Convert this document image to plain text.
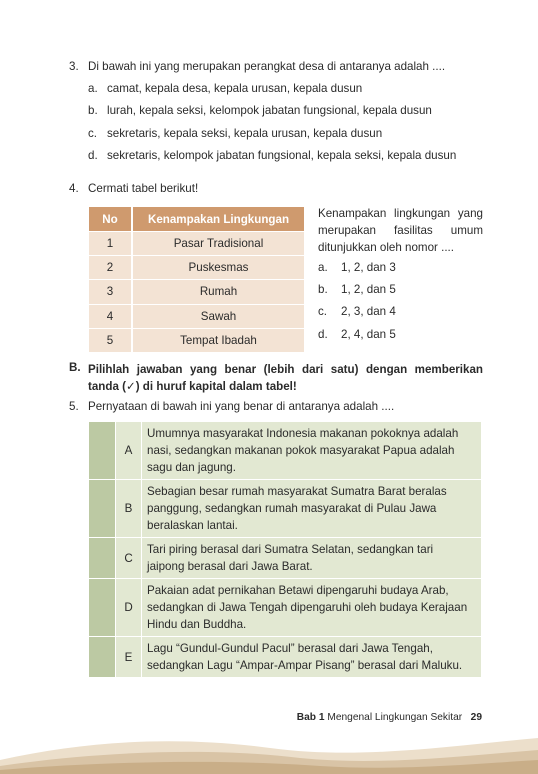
3. Di bawah ini yang merupakan perangkat desa di antaranya adalah ....
a. camat, kepala desa, kepala urusan, kepala dusun
b. lurah, kepala seksi, kelompok jabatan fungsional, kepala dusun
c. sekretaris, kepala seksi, kepala urusan, kepala dusun
d. sekretaris, kelompok jabatan fungsional, kepala seksi, kepala dusun
4. Cermati tabel berikut!
No	Kenampakan Lingkungan
1	Pasar Tradisional
2	Puskesmas
3	Rumah
4	Sawah
5	Tempat Ibadah
Kenampakan lingkungan yang
merupakan fasilitas umum
ditunjukkan oleh nomor ....
a. 1, 2, dan 3
b. 1, 2, dan 5
c. 2, 3, dan 4
d. 2, 4, dan 5
B. Pilihlah jawaban yang benar (lebih dari satu) dengan memberikan
tanda (✓) di huruf kapital dalam tabel!
5. Pernyataan di bawah ini yang benar di antaranya adalah ....
	A	Umumnya masyarakat Indonesia makanan pokoknya adalah
nasi, sedangkan makanan pokok masyarakat Papua adalah
sagu dan jagung.

	B	Sebagian besar rumah masyarakat Sumatra Barat beralas
panggung, sedangkan rumah masyarakat di Pulau Jawa
beralaskan lantai.

	C	Tari piring berasal dari Sumatra Selatan, sedangkan tari
jaipong berasal dari Jawa Barat.

	D	Pakaian adat pernikahan Betawi dipengaruhi budaya Arab,
sedangkan di Jawa Tengah dipengaruhi oleh budaya Kerajaan
Hindu dan Buddha.

	E	Lagu “Gundul-Gundul Pacul” berasal dari Jawa Tengah,
sedangkan Lagu “Ampar-Ampar Pisang” berasal dari Maluku.
Bab 1 Mengenal Lingkungan Sekitar 29
